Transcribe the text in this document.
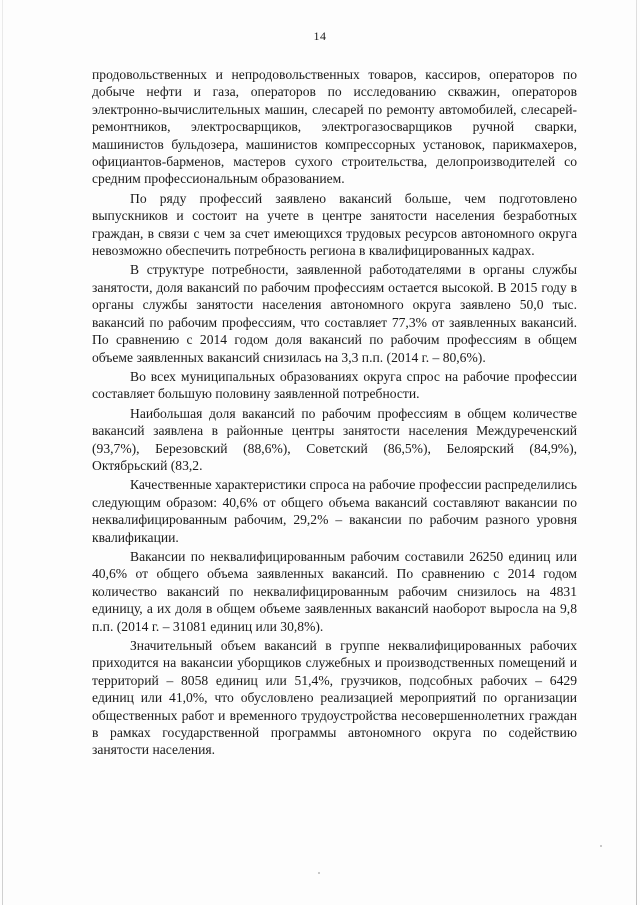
14

продовольственных и непродовольственных товаров, кассиров, операторов по добыче нефти и газа, операторов по исследованию скважин, операторов электронно-вычислительных машин, слесарей по ремонту автомобилей, слесарей-ремонтников, электросварщиков, электрогазосварщиков ручной сварки, машинистов бульдозера, машинистов компрессорных установок, парикмахеров, официантов-барменов, мастеров сухого строительства, делопроизводителей со средним профессиональным образованием.

По ряду профессий заявлено вакансий больше, чем подготовлено выпускников и состоит на учете в центре занятости населения безработных граждан, в связи с чем за счет имеющихся трудовых ресурсов автономного округа невозможно обеспечить потребность региона в квалифицированных кадрах.

В структуре потребности, заявленной работодателями в органы службы занятости, доля вакансий по рабочим профессиям остается высокой. В 2015 году в органы службы занятости населения автономного округа заявлено 50,0 тыс. вакансий по рабочим профессиям, что составляет 77,3% от заявленных вакансий. По сравнению с 2014 годом доля вакансий по рабочим профессиям в общем объеме заявленных вакансий снизилась на 3,3 п.п. (2014 г. – 80,6%).

Во всех муниципальных образованиях округа спрос на рабочие профессии составляет большую половину заявленной потребности.

Наибольшая доля вакансий по рабочим профессиям в общем количестве вакансий заявлена в районные центры занятости населения Междуреченский (93,7%), Березовский (88,6%), Советский (86,5%), Белоярский (84,9%), Октябрьский (83,2.

Качественные характеристики спроса на рабочие профессии распределились следующим образом: 40,6% от общего объема вакансий составляют вакансии по неквалифицированным рабочим, 29,2% – вакансии по рабочим разного уровня квалификации.

Вакансии по неквалифицированным рабочим составили 26250 единиц или 40,6% от общего объема заявленных вакансий. По сравнению с 2014 годом количество вакансий по неквалифицированным рабочим снизилось на 4831 единицу, а их доля в общем объеме заявленных вакансий наоборот выросла на 9,8 п.п. (2014 г. – 31081 единиц или 30,8%).

Значительный объем вакансий в группе неквалифицированных рабочих приходится на вакансии уборщиков служебных и производственных помещений и территорий – 8058 единиц или 51,4%, грузчиков, подсобных рабочих – 6429 единиц или 41,0%, что обусловлено реализацией мероприятий по организации общественных работ и временного трудоустройства несовершеннолетних граждан в рамках государственной программы автономного округа по содействию занятости населения.
